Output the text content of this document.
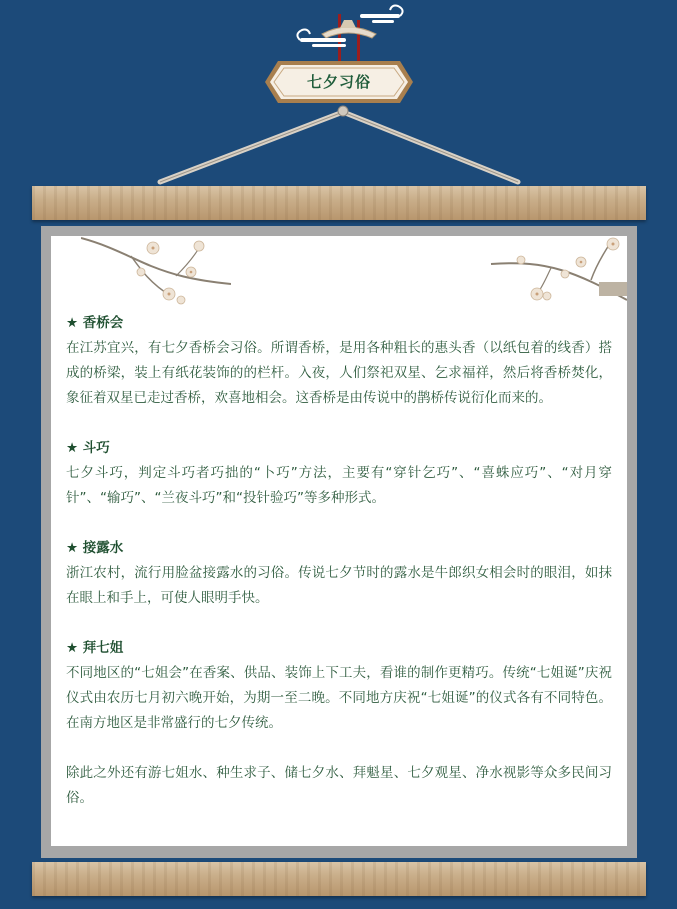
七夕习俗

★ 香桥会

在江苏宜兴，有七夕香桥会习俗。所谓香桥，是用各种粗长的惠头香（以纸包着的线香）搭成的桥梁，装上有纸花装饰的的栏杆。入夜，人们祭祀双星、乞求福祥，然后将香桥焚化，象征着双星已走过香桥，欢喜地相会。这香桥是由传说中的鹊桥传说衍化而来的。

★ 斗巧

七夕斗巧，判定斗巧者巧拙的“卜巧”方法，主要有“穿针乞巧”、“喜蛛应巧”、“对月穿针”、“输巧”、“兰夜斗巧”和“投针验巧”等多种形式。

★ 接露水

浙江农村，流行用脸盆接露水的习俗。传说七夕节时的露水是牛郎织女相会时的眼泪，如抹在眼上和手上，可使人眼明手快。

★ 拜七姐

不同地区的“七姐会”在香案、供品、装饰上下工夫，看谁的制作更精巧。传统“七姐诞”庆祝仪式由农历七月初六晚开始，为期一至二晚。不同地方庆祝“七姐诞”的仪式各有不同特色。在南方地区是非常盛行的七夕传统。

除此之外还有游七姐水、种生求子、储七夕水、拜魁星、七夕观星、净水视影等众多民间习俗。
